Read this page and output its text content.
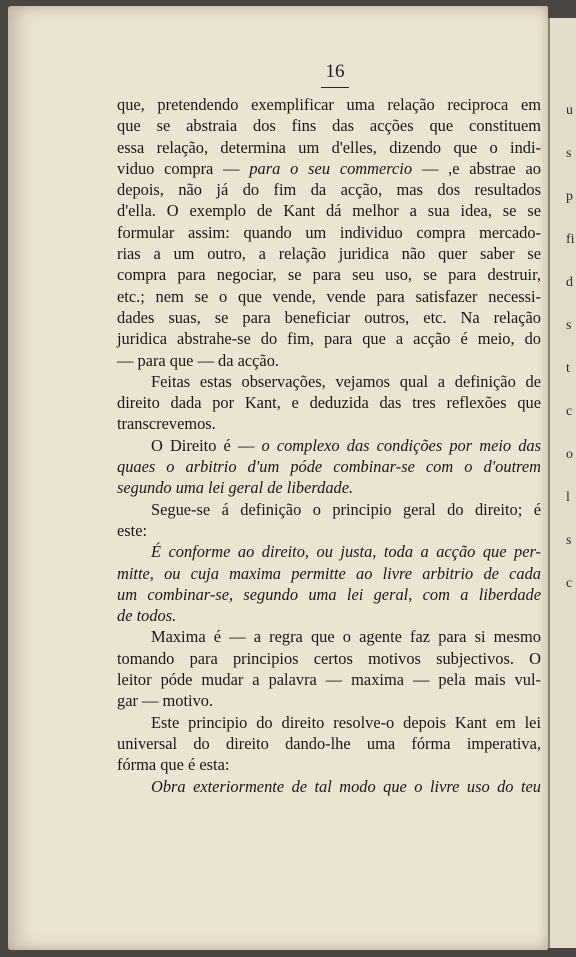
u
s
p
fi
d
s
t
c
o
l
s
c
16
que, pretendendo exemplificar uma relação reciproca em
que se abstraia dos fins das acções que constituem
essa relação, determina um d'elles, dizendo que o indi-
viduo compra — para o seu commercio — ,e abstrae ao
depois, não já do fim da acção, mas dos resultados
d'ella. O exemplo de Kant dá melhor a sua idea, se se
formular assim: quando um individuo compra mercado-
rias a um outro, a relação juridica não quer saber se
compra para negociar, se para seu uso, se para destruir,
etc.; nem se o que vende, vende para satisfazer necessi-
dades suas, se para beneficiar outros, etc. Na relação
juridica abstrahe-se do fim, para que a acção é meio, do
— para que — da acção.
Feitas estas observações, vejamos qual a definição de
direito dada por Kant, e deduzida das tres reflexões que
transcrevemos.
O Direito é — o complexo das condições por meio das
quaes o arbitrio d'um póde combinar-se com o d'outrem
segundo uma lei geral de liberdade.
Segue-se á definição o principio geral do direito; é
este:
É conforme ao direito, ou justa, toda a acção que per-
mitte, ou cuja maxima permitte ao livre arbitrio de cada
um combinar-se, segundo uma lei geral, com a liberdade
de todos.
Maxima é — a regra que o agente faz para si mesmo
tomando para principios certos motivos subjectivos. O
leitor póde mudar a palavra — maxima — pela mais vul-
gar — motivo.
Este principio do direito resolve-o depois Kant em lei
universal do direito dando-lhe uma fórma imperativa,
fórma que é esta:
Obra exteriormente de tal modo que o livre uso do teu
